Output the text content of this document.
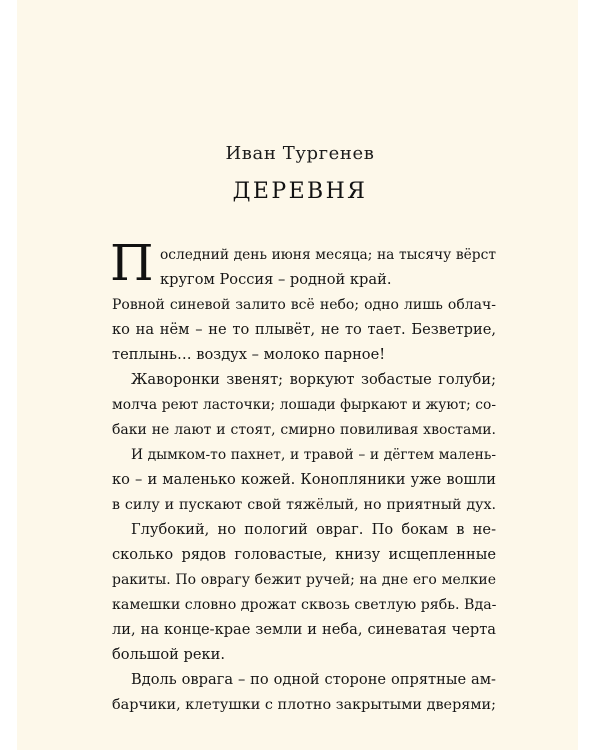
Иван Тургенев
ДЕРЕВНЯ
П оследний день июня месяца; на тысячу вёрст
кругом Россия – родной край.
Ровной синевой залито всё небо; одно лишь облач-
ко на нём – не то плывёт, не то тает. Безветрие,
теплынь… воздух – молоко парное!
Жаворонки звенят; воркуют зобастые голуби;
молча реют ласточки; лошади фыркают и жуют; со-
баки не лают и стоят, смирно повиливая хвостами.
И дымком-то пахнет, и травой – и дёгтем малень-
ко – и маленько кожей. Конопляники уже вошли
в силу и пускают свой тяжёлый, но приятный дух.
Глубокий, но пологий овраг. По бокам в не-
сколько рядов головастые, книзу исщепленные
ракиты. По оврагу бежит ручей; на дне его мелкие
камешки словно дрожат сквозь светлую рябь. Вда-
ли, на конце-крае земли и неба, синеватая черта
большой реки.
Вдоль оврага – по одной стороне опрятные ам-
барчики, клетушки с плотно закрытыми дверями;
